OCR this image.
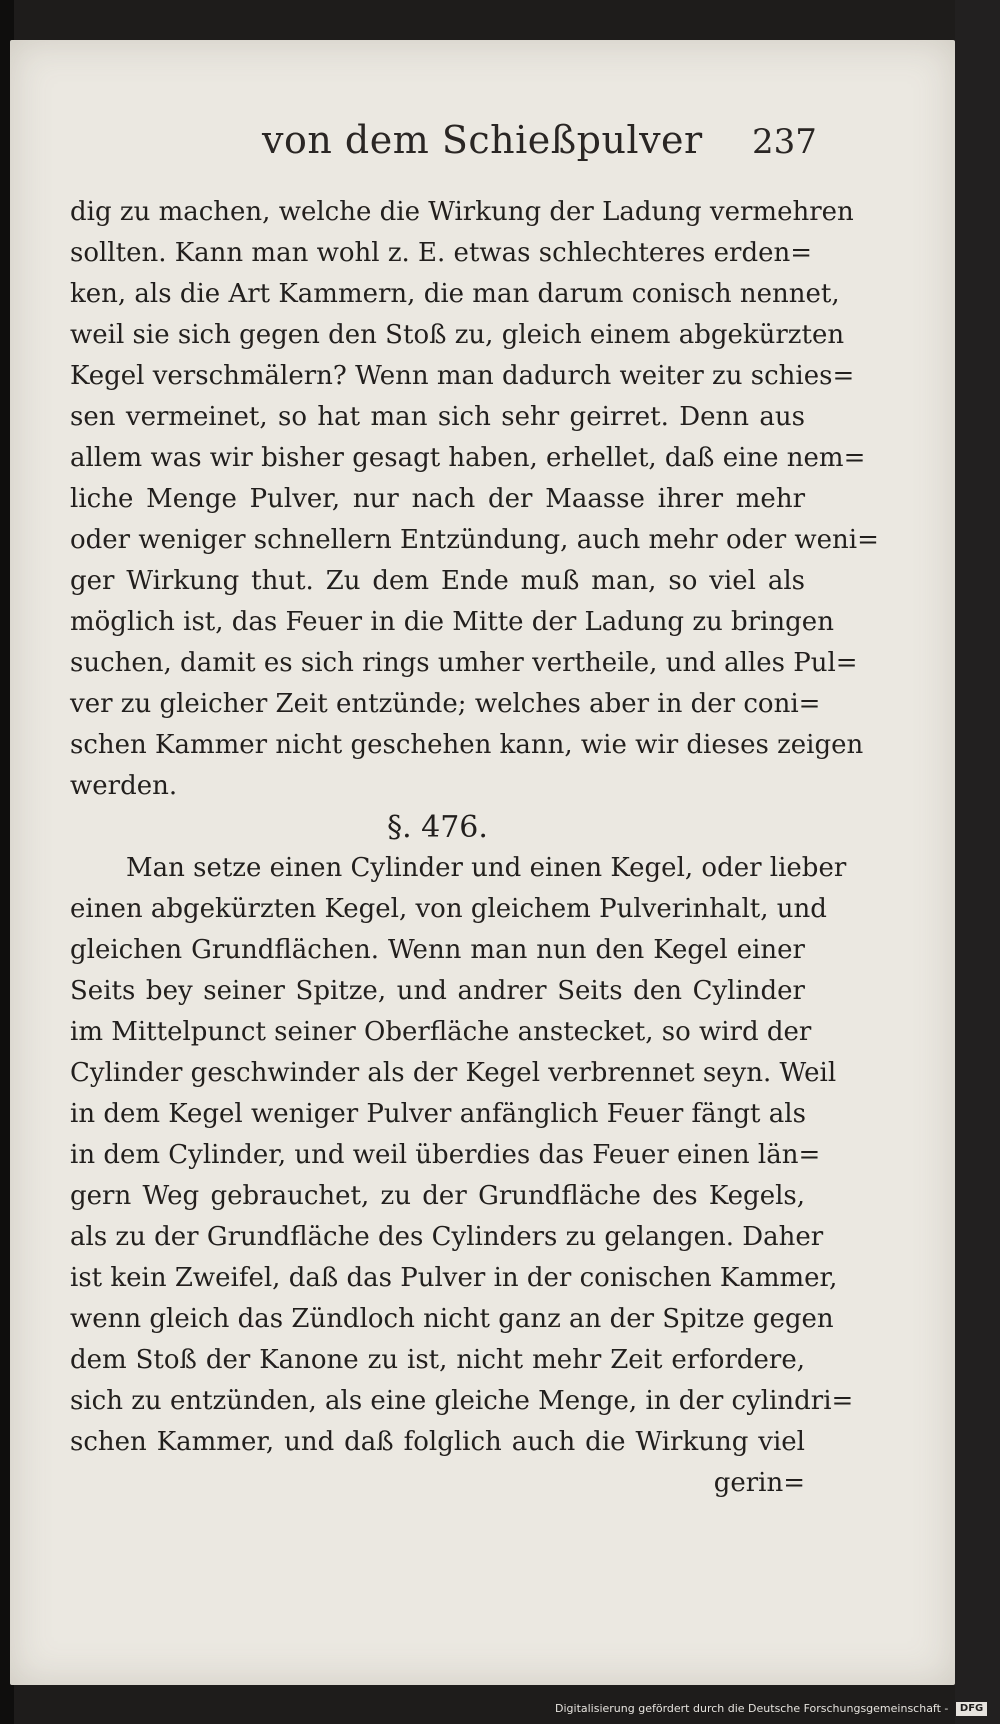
von dem Schießpulver 237
dig zu machen, welche die Wirkung der Ladung vermehren
sollten. Kann man wohl z. E. etwas schlechteres erden=
ken, als die Art Kammern, die man darum conisch nennet,
weil sie sich gegen den Stoß zu, gleich einem abgekürzten
Kegel verschmälern? Wenn man dadurch weiter zu schies=
sen vermeinet, so hat man sich sehr geirret. Denn aus
allem was wir bisher gesagt haben, erhellet, daß eine nem=
liche Menge Pulver, nur nach der Maasse ihrer mehr
oder weniger schnellern Entzündung, auch mehr oder weni=
ger Wirkung thut. Zu dem Ende muß man, so viel als
möglich ist, das Feuer in die Mitte der Ladung zu bringen
suchen, damit es sich rings umher vertheile, und alles Pul=
ver zu gleicher Zeit entzünde; welches aber in der coni=
schen Kammer nicht geschehen kann, wie wir dieses zeigen
werden.
§. 476.
Man setze einen Cylinder und einen Kegel, oder lieber
einen abgekürzten Kegel, von gleichem Pulverinhalt, und
gleichen Grundflächen. Wenn man nun den Kegel einer
Seits bey seiner Spitze, und andrer Seits den Cylinder
im Mittelpunct seiner Oberfläche anstecket, so wird der
Cylinder geschwinder als der Kegel verbrennet seyn. Weil
in dem Kegel weniger Pulver anfänglich Feuer fängt als
in dem Cylinder, und weil überdies das Feuer einen län=
gern Weg gebrauchet, zu der Grundfläche des Kegels,
als zu der Grundfläche des Cylinders zu gelangen. Daher
ist kein Zweifel, daß das Pulver in der conischen Kammer,
wenn gleich das Zündloch nicht ganz an der Spitze gegen
dem Stoß der Kanone zu ist, nicht mehr Zeit erfordere,
sich zu entzünden, als eine gleiche Menge, in der cylindri=
schen Kammer, und daß folglich auch die Wirkung viel
gerin=
Digitalisierung gefördert durch die Deutsche Forschungsgemeinschaft - DFG
